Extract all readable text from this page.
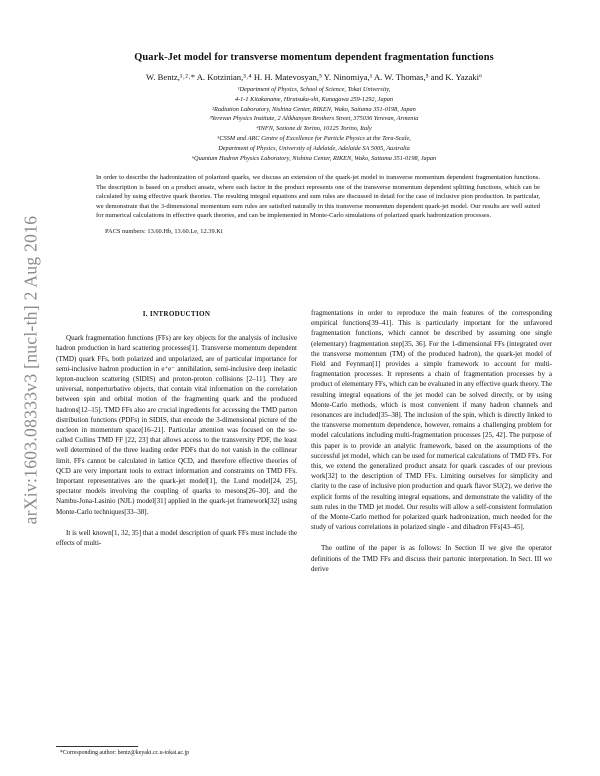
arXiv:1603.08333v3 [nucl-th] 2 Aug 2016
Quark-Jet model for transverse momentum dependent fragmentation functions
W. Bentz,¹˒²˒* A. Kotzinian,³˒⁴ H. H. Matevosyan,⁵ Y. Ninomiya,¹ A. W. Thomas,⁵ and K. Yazaki⁶
¹Department of Physics, School of Science, Tokai University,
4-1-1 Kitakaname, Hiratsuka-shi, Kanagawa 259-1292, Japan
²Radiation Laboratory, Nishina Center, RIKEN, Wako, Saitama 351-0198, Japan
³Yerevan Physics Institute, 2 Alikhanyan Brothers Street, 375036 Yerevan, Armenia
⁴INFN, Sezione di Torino, 10125 Torino, Italy
⁵CSSM and ARC Centre of Excellence for Particle Physics at the Tera-Scale,
Department of Physics, University of Adelaide, Adelaide SA 5005, Australia
⁶Quantum Hadron Physics Laboratory, Nishina Center, RIKEN, Wako, Saitama 351-0198, Japan
In order to describe the hadronization of polarized quarks, we discuss an extension of the quark-jet model to transverse momentum dependent fragmentation functions. The description is based on a product ansatz, where each factor in the product represents one of the transverse momentum dependent splitting functions, which can be calculated by using effective quark theories. The resulting integral equations and sum rules are discussed in detail for the case of inclusive pion production. In particular, we demonstrate that the 3-dimensional momentum sum rules are satisfied naturally in this transverse momentum dependent quark-jet model. Our results are well suited for numerical calculations in effective quark theories, and can be implemented in Monte-Carlo simulations of polarized quark hadronization processes.
PACS numbers: 13.60.Hb, 13.60.Le, 12.39.Ki
I. INTRODUCTION

Quark fragmentation functions (FFs) are key objects for the analysis of inclusive hadron production in hard scattering processes[1]. Transverse momentum dependent (TMD) quark FFs, both polarized and unpolarized, are of particular importance for semi-inclusive hadron production in e⁺e⁻ annihilation, semi-inclusive deep inelastic lepton-nucleon scattering (SIDIS) and proton-proton collisions [2–11]. They are universal, nonperturbative objects, that contain vital information on the correlation between spin and orbital motion of the fragmenting quark and the produced hadrons[12–15]. TMD FFs also are crucial ingredients for accessing the TMD parton distribution functions (PDFs) in SIDIS, that encode the 3-dimensional picture of the nucleon in momentum space[16–21]. Particular attention was focused on the so-called Collins TMD FF [22, 23] that allows access to the transversity PDF, the least well determined of the three leading order PDFs that do not vanish in the collinear limit. FFs cannot be calculated in lattice QCD, and therefore effective theories of QCD are very important tools to extract information and constraints on TMD FFs. Important representatives are the quark-jet model[1], the Lund model[24, 25], spectator models involving the coupling of quarks to mesons[26–30], and the Nambu-Jona-Lasinio (NJL) model[31] applied in the quark-jet framework[32] using Monte-Carlo techniques[33–38].

It is well known[1, 32, 35] that a model description of quark FFs must include the effects of multi-

fragmentations in order to reproduce the main features of the corresponding empirical functions[39–41]. This is particularly important for the unfavored fragmentation functions, which cannot be described by assuming one single (elementary) fragmentation step[35, 36]. For the 1-dimensional FFs (integrated over the transverse momentum (TM) of the produced hadron), the quark-jet model of Field and Feynman[1] provides a simple framework to account for multi-fragmentation processes. It represents a chain of fragmentation processes by a product of elementary FFs, which can be evaluated in any effective quark theory. The resulting integral equations of the jet model can be solved directly, or by using Monte-Carlo methods, which is most convenient if many hadron channels and resonances are included[35–38]. The inclusion of the spin, which is directly linked to the transverse momentum dependence, however, remains a challenging problem for model calculations including multi-fragmentation processes [25, 42]. The purpose of this paper is to provide an analytic framework, based on the assumptions of the successful jet model, which can be used for numerical calculations of TMD FFs. For this, we extend the generalized product ansatz for quark cascades of our previous work[32] to the description of TMD FFs. Limiting ourselves for simplicity and clarity to the case of inclusive pion production and quark flavor SU(2), we derive the explicit forms of the resulting integral equations, and demonstrate the validity of the sum rules in the TMD jet model. Our results will allow a self-consistent formulation of the Monte-Carlo method for polarized quark hadronization, much needed for the study of various correlations in polarized single - and dihadron FFs[43–45].

The outline of the paper is as follows: In Section II we give the operator definitions of the TMD FFs and discuss their partonic interpretation. In Sect. III we derive

*Corresponding author: bentz@keyaki.cc.u-tokai.ac.jp
